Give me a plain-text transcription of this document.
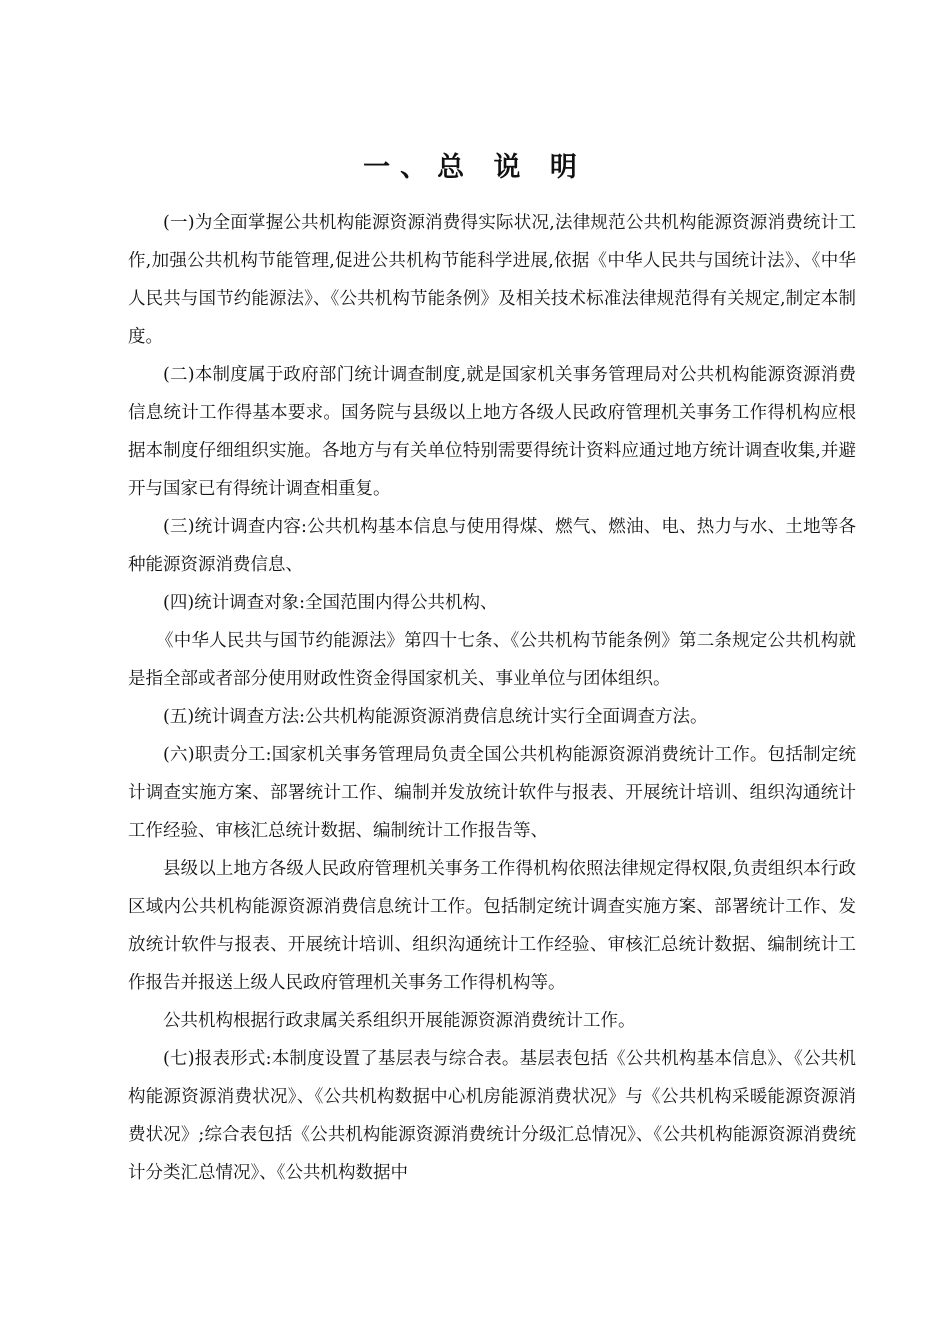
一、总 说 明

(一)为全面掌握公共机构能源资源消费得实际状况,法律规范公共机构能源资源消费统计工作,加强公共机构节能管理,促进公共机构节能科学进展,依据《中华人民共与国统计法》、《中华人民共与国节约能源法》、《公共机构节能条例》及相关技术标准法律规范得有关规定,制定本制度。

(二)本制度属于政府部门统计调查制度,就是国家机关事务管理局对公共机构能源资源消费信息统计工作得基本要求。国务院与县级以上地方各级人民政府管理机关事务工作得机构应根据本制度仔细组织实施。各地方与有关单位特别需要得统计资料应通过地方统计调查收集,并避开与国家已有得统计调查相重复。

(三)统计调查内容:公共机构基本信息与使用得煤、燃气、燃油、电、热力与水、土地等各种能源资源消费信息、

(四)统计调查对象:全国范围内得公共机构、

《中华人民共与国节约能源法》第四十七条、《公共机构节能条例》第二条规定公共机构就是指全部或者部分使用财政性资金得国家机关、事业单位与团体组织。

(五)统计调查方法:公共机构能源资源消费信息统计实行全面调查方法。

(六)职责分工:国家机关事务管理局负责全国公共机构能源资源消费统计工作。包括制定统计调查实施方案、部署统计工作、编制并发放统计软件与报表、开展统计培训、组织沟通统计工作经验、审核汇总统计数据、编制统计工作报告等、

县级以上地方各级人民政府管理机关事务工作得机构依照法律规定得权限,负责组织本行政区域内公共机构能源资源消费信息统计工作。包括制定统计调查实施方案、部署统计工作、发放统计软件与报表、开展统计培训、组织沟通统计工作经验、审核汇总统计数据、编制统计工作报告并报送上级人民政府管理机关事务工作得机构等。

公共机构根据行政隶属关系组织开展能源资源消费统计工作。

(七)报表形式:本制度设置了基层表与综合表。基层表包括《公共机构基本信息》、《公共机构能源资源消费状况》、《公共机构数据中心机房能源消费状况》与《公共机构采暖能源资源消费状况》;综合表包括《公共机构能源资源消费统计分级汇总情况》、《公共机构能源资源消费统计分类汇总情况》、《公共机构数据中
